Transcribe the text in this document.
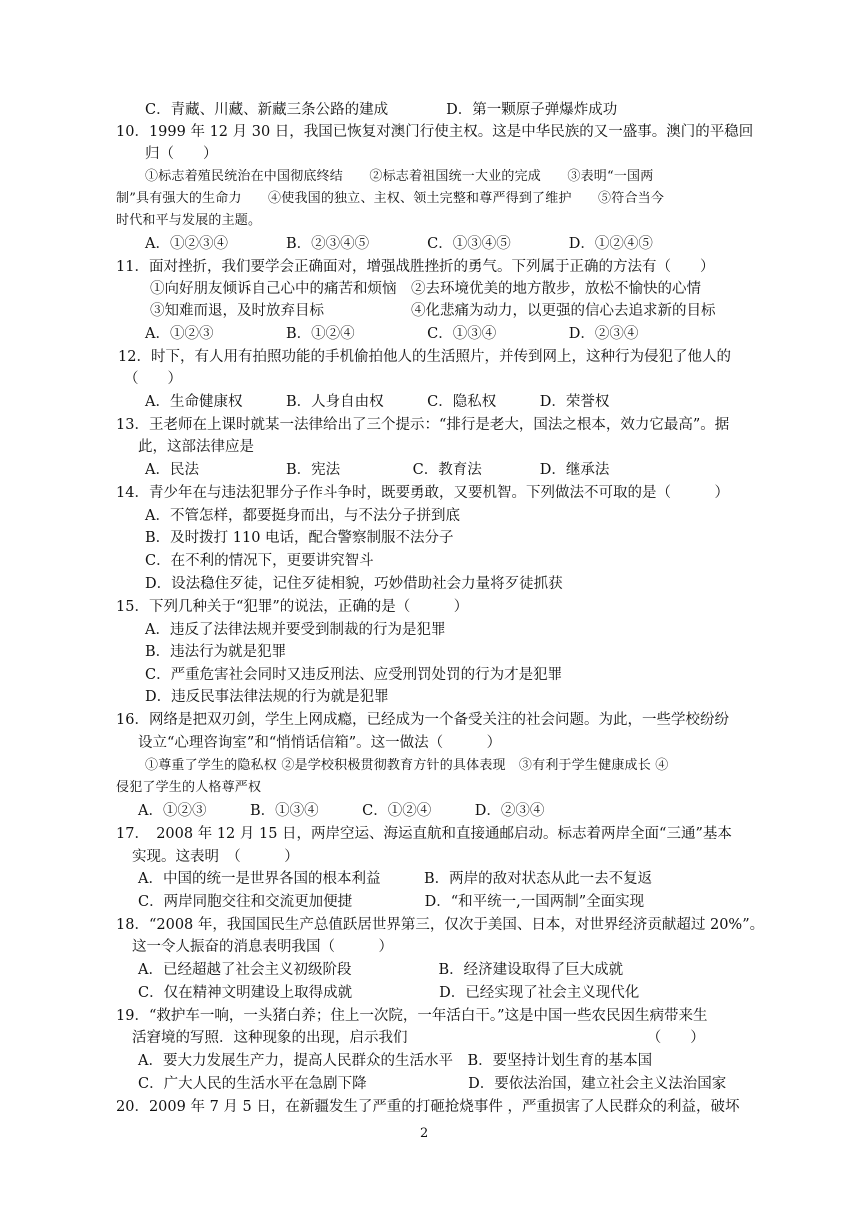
C．青藏、川藏、新藏三条公路的建成　　　　D．第一颗原子弹爆炸成功
10．1999 年 12 月 30 日，我国已恢复对澳门行使主权。这是中华民族的又一盛事。澳门的平稳回
归（　　）
①标志着殖民统治在中国彻底终结　　②标志着祖国统一大业的完成　　③表明“一国两
制”具有强大的生命力　　④使我国的独立、主权、领土完整和尊严得到了维护　　⑤符合当今
时代和平与发展的主题。
A．①②③④　　　　B．②③④⑤　　　　C．①③④⑤　　　　D．①②④⑤
11．面对挫折，我们要学会正确面对，增强战胜挫折的勇气。下列属于正确的方法有（　　）
①向好朋友倾诉自己心中的痛苦和烦恼　②去环境优美的地方散步，放松不愉快的心情
③知难而退，及时放弃目标　　　　　　④化悲痛为动力，以更强的信心去追求新的目标
A．①②③　　　　　B．①②④　　　　　C．①③④　　　　　D．②③④
12．时下，有人用有拍照功能的手机偷拍他人的生活照片，并传到网上，这种行为侵犯了他人的
（　　）
A．生命健康权　　　B．人身自由权　　　C．隐私权　　　D．荣誉权
13．王老师在上课时就某一法律给出了三个提示：“排行是老大，国法之根本，效力它最高”。据
此，这部法律应是
A．民法　　　　　　B．宪法　　　　　C．教育法　　　　D．继承法
14．青少年在与违法犯罪分子作斗争时，既要勇敢，又要机智。下列做法不可取的是（　　　）
A．不管怎样，都要挺身而出，与不法分子拼到底
B．及时拨打 110 电话，配合警察制服不法分子
C．在不利的情况下，更要讲究智斗
D．设法稳住歹徒，记住歹徒相貌，巧妙借助社会力量将歹徒抓获
15．下列几种关于“犯罪”的说法，正确的是（　　　）
A．违反了法律法规并要受到制裁的行为是犯罪
B．违法行为就是犯罪
C．严重危害社会同时又违反刑法、应受刑罚处罚的行为才是犯罪
D．违反民事法律法规的行为就是犯罪
16．网络是把双刃剑，学生上网成瘾，已经成为一个备受关注的社会问题。为此，一些学校纷纷
设立“心理咨询室”和“悄悄话信箱”。这一做法（　　　）
①尊重了学生的隐私权 ②是学校积极贯彻教育方针的具体表现　③有利于学生健康成长 ④
侵犯了学生的人格尊严权
A．①②③　　　B．①③④　　　C．①②④　　　D．②③④
17．　2008 年 12 月 15 日，两岸空运、海运直航和直接通邮启动。标志着两岸全面“三通”基本
实现。这表明　（　　　）
A．中国的统一是世界各国的根本利益　　　B．两岸的敌对状态从此一去不复返
C．两岸同胞交往和交流更加便捷　　　　　D．“和平统一,一国两制”全面实现
18．“2008 年，我国国民生产总值跃居世界第三，仅次于美国、日本，对世界经济贡献超过 20%”。
这一令人振奋的消息表明我国（　　　）
A．已经超越了社会主义初级阶段　　　　　　B．经济建设取得了巨大成就
C．仅在精神文明建设上取得成就　　　　　　D．已经实现了社会主义现代化
19．“救护车一响，一头猪白养；住上一次院，一年活白干。”这是中国一些农民因生病带来生
活窘境的写照．这种现象的出现，启示我们　　　　　　　　　　　　　　　　　（　　）
A．要大力发展生产力，提高人民群众的生活水平　B．要坚持计划生育的基本国
C．广大人民的生活水平在急剧下降　　　　　　　D．要依法治国，建立社会主义法治国家
20．2009 年 7 月 5 日，在新疆发生了严重的打砸抢烧事件 ，严重损害了人民群众的利益，破坏
2
